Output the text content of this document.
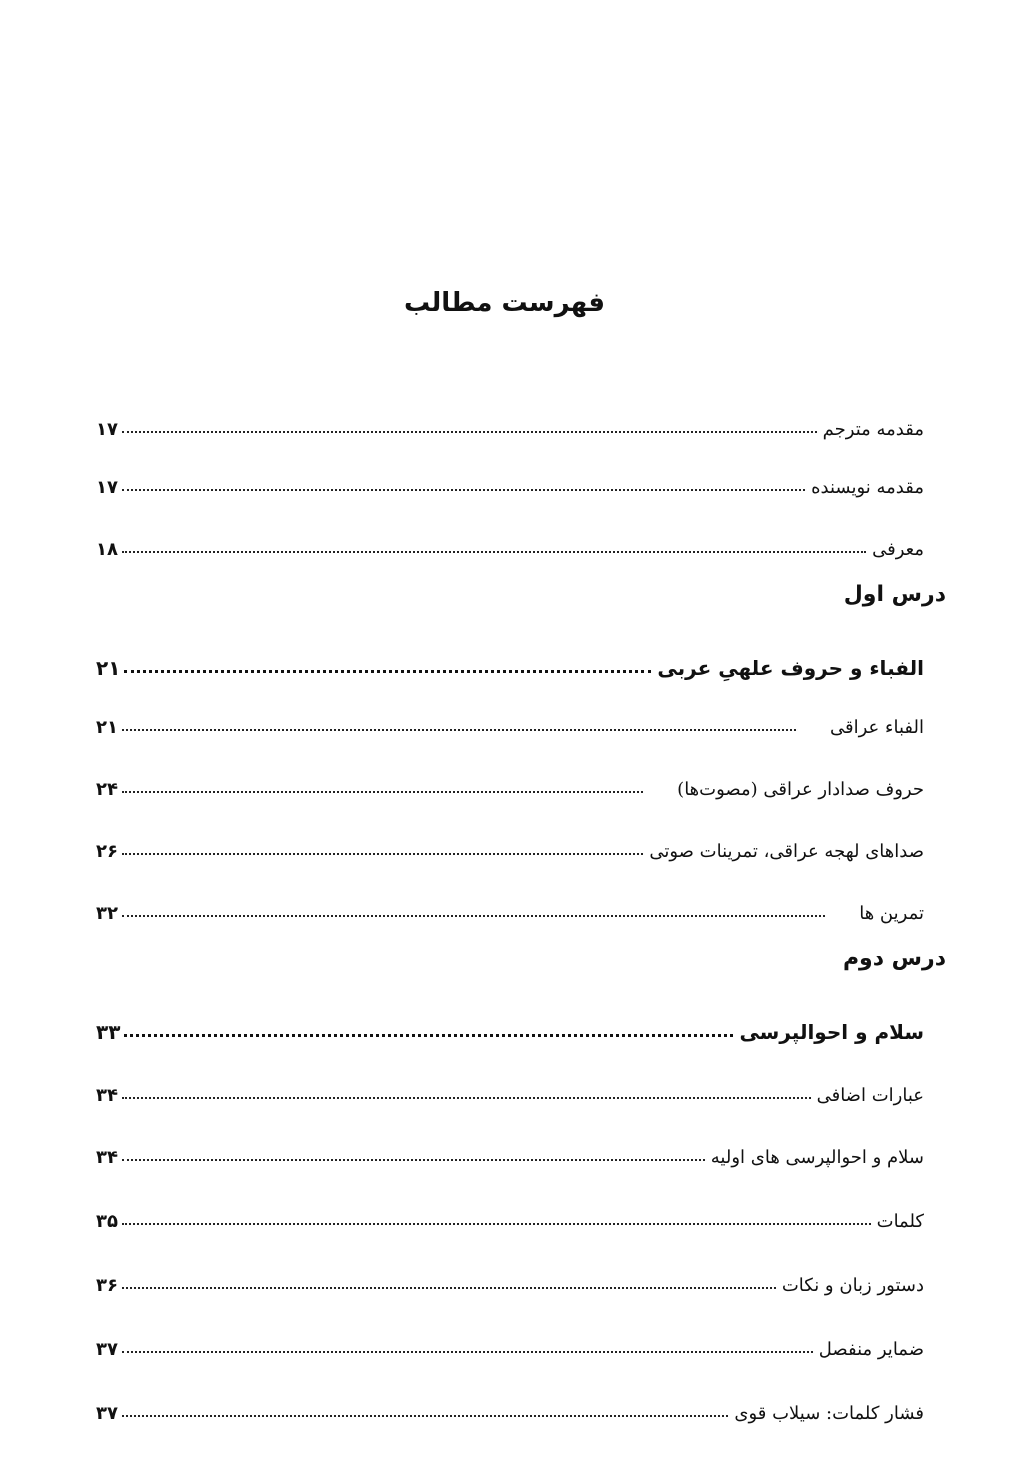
فهرست مطالب
مقدمه مترجم
۱۷
مقدمه نویسنده
۱۷
معرفی
۱۸
درس اول
الفباء و حروف علهیِ عربی
۲۱
الفباء عراقی
۲۱
حروف صدادار عراقی (مصوت‌ها)
۲۴
صداهای لهجه عراقی، تمرینات صوتی
۲۶
تمرین ها
۳۲
درس دوم
سلام و احوالپرسی
۳۳
عبارات اضافی
۳۴
سلام و احوالپرسی های اولیه
۳۴
کلمات
۳۵
دستور زبان و نکات
۳۶
ضمایر منفصل
۳۷
فشار کلمات: سیلاب قوی
۳۷
